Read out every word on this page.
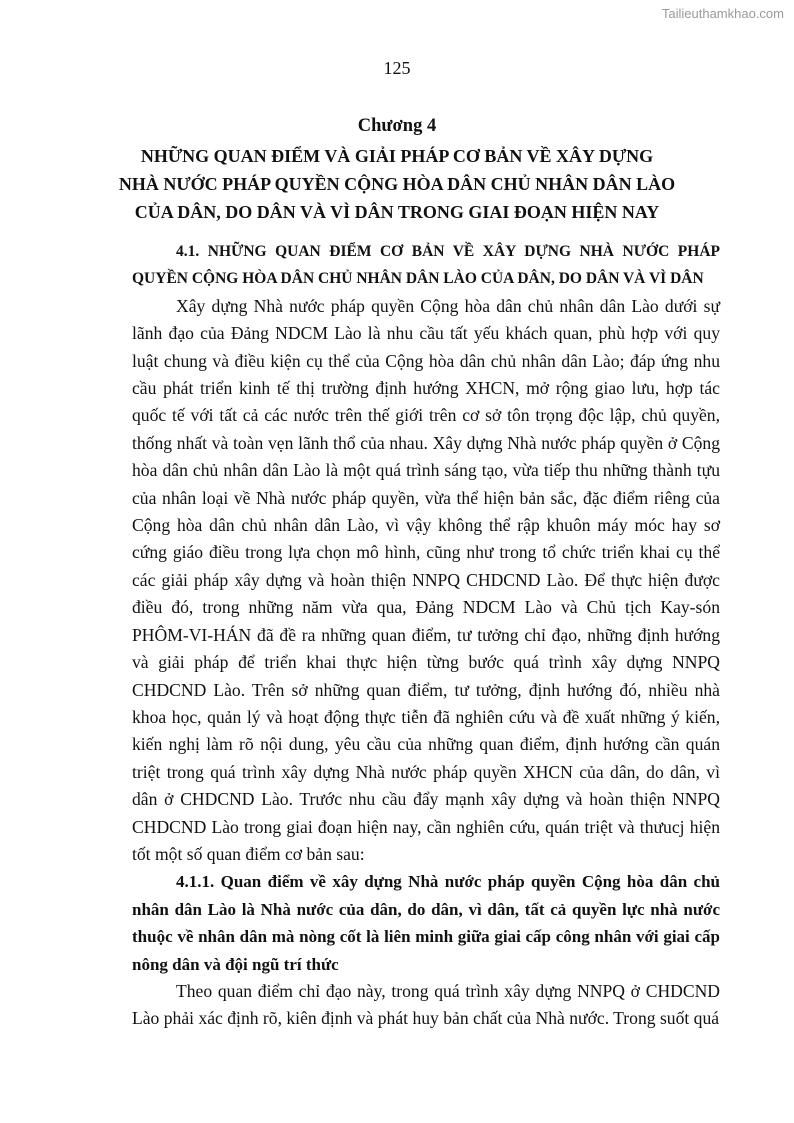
Tailieuthamkhao.com
125
Chương 4
NHỮNG QUAN ĐIỂM VÀ GIẢI PHÁP CƠ BẢN VỀ XÂY DỰNG
NHÀ NƯỚC PHÁP QUYỀN CỘNG HÒA DÂN CHỦ NHÂN DÂN LÀO
CỦA DÂN, DO DÂN VÀ VÌ DÂN TRONG GIAI ĐOẠN HIỆN NAY

4.1. NHỮNG QUAN ĐIỂM CƠ BẢN VỀ XÂY DỰNG NHÀ NƯỚC PHÁP QUYỀN CỘNG HÒA DÂN CHỦ NHÂN DÂN LÀO CỦA DÂN, DO DÂN VÀ VÌ DÂN

Xây dựng Nhà nước pháp quyền Cộng hòa dân chủ nhân dân Lào dưới sự lãnh đạo của Đảng NDCM Lào là nhu cầu tất yếu khách quan, phù hợp với quy luật chung và điều kiện cụ thể của Cộng hòa dân chủ nhân dân Lào; đáp ứng nhu cầu phát triển kinh tế thị trường định hướng XHCN, mở rộng giao lưu, hợp tác quốc tế với tất cả các nước trên thế giới trên cơ sở tôn trọng độc lập, chủ quyền, thống nhất và toàn vẹn lãnh thổ của nhau. Xây dựng Nhà nước pháp quyền ở Cộng hòa dân chủ nhân dân Lào là một quá trình sáng tạo, vừa tiếp thu những thành tựu của nhân loại về Nhà nước pháp quyền, vừa thể hiện bản sắc, đặc điểm riêng của Cộng hòa dân chủ nhân dân Lào, vì vậy không thể rập khuôn máy móc hay sơ cứng giáo điều trong lựa chọn mô hình, cũng như trong tổ chức triển khai cụ thể các giải pháp xây dựng và hoàn thiện NNPQ CHDCND Lào. Để thực hiện được điều đó, trong những năm vừa qua, Đảng NDCM Lào và Chủ tịch Kay-són PHÔM-VI-HÁN đã đề ra những quan điểm, tư tưởng chỉ đạo, những định hướng và giải pháp để triển khai thực hiện từng bước quá trình xây dựng NNPQ CHDCND Lào. Trên sở những quan điểm, tư tưởng, định hướng đó, nhiều nhà khoa học, quản lý và hoạt động thực tiễn đã nghiên cứu và đề xuất những ý kiến, kiến nghị làm rõ nội dung, yêu cầu của những quan điểm, định hướng cần quán triệt trong quá trình xây dựng Nhà nước pháp quyền XHCN của dân, do dân, vì dân ở CHDCND Lào. Trước nhu cầu đẩy mạnh xây dựng và hoàn thiện NNPQ CHDCND Lào trong giai đoạn hiện nay, cần nghiên cứu, quán triệt và thưucj hiện tốt một số quan điểm cơ bản sau:

4.1.1. Quan điểm về xây dựng Nhà nước pháp quyền Cộng hòa dân chủ nhân dân Lào là Nhà nước của dân, do dân, vì dân, tất cả quyền lực nhà nước thuộc về nhân dân mà nòng cốt là liên minh giữa giai cấp công nhân với giai cấp nông dân và đội ngũ trí thức

Theo quan điểm chỉ đạo này, trong quá trình xây dựng NNPQ ở CHDCND Lào phải xác định rõ, kiên định và phát huy bản chất của Nhà nước. Trong suốt quá
